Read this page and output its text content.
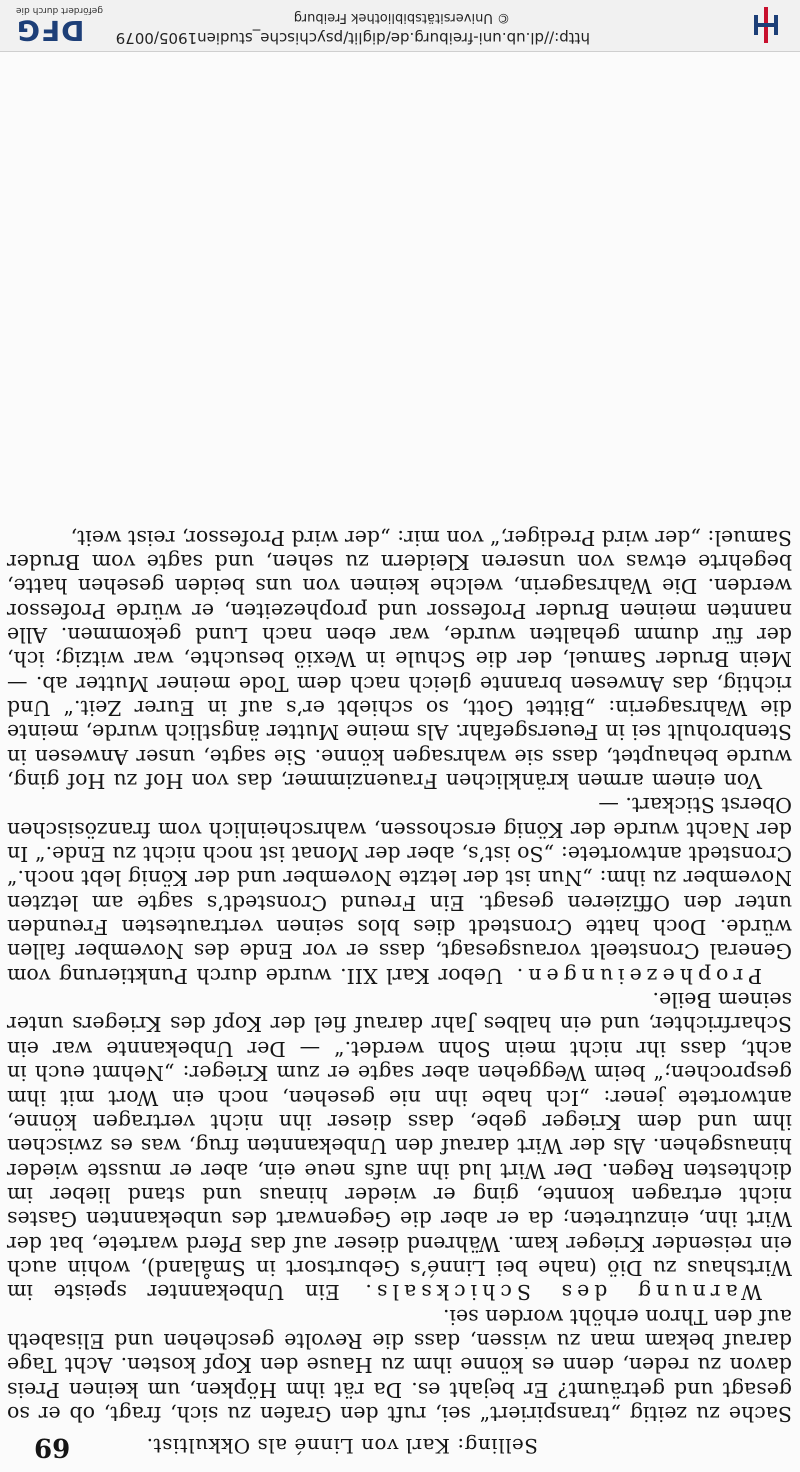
Selling: Karl von Linné als Okkultist.
69

Sache zu zeitig „transpiriert“ sei, ruft den Grafen zu sich, fragt, ob er so gesagt und geträumt? Er bejaht es. Da rät ihm Höpken, um keinen Preis davon zu reden, denn es könne ihm zu Hause den Kopf kosten. Acht Tage darauf bekam man zu wissen, dass die Revolte geschehen und Elisabeth auf den Thron erhöht worden sei.

Warnung des Schicksals. Ein Unbekannter speiste im Wirtshaus zu Diö (nahe bei Linné’s Geburtsort in Småland), wohin auch ein reisender Krieger kam. Während dieser auf das Pferd wartete, bat der Wirt ihn, einzutreten; da er aber die Gegenwart des unbekannten Gastes nicht ertragen konnte, ging er wieder hinaus und stand lieber im dichtesten Regen. Der Wirt lud ihn aufs neue ein, aber er musste wieder hinausgehen. Als der Wirt darauf den Unbekannten frug, was es zwischen ihm und dem Krieger gebe, dass dieser ihn nicht vertragen könne, antwortete jener: „Ich habe ihn nie gesehen, noch ein Wort mit ihm gesprochen;“ beim Weggehen aber sagte er zum Krieger: „Nehmt euch in acht, dass ihr nicht mein Sohn werdet.“ — Der Unbekannte war ein Scharfrichter, und ein halbes Jahr darauf fiel der Kopf des Kriegers unter seinem Beile.

Prophezeiungen. Uebor Karl XII. wurde durch Punktierung vom General Cronsteelt vorausgesagt, dass er vor Ende des November fallen würde. Doch hatte Cronstedt dies blos seinen vertrautesten Freunden unter den Offizieren gesagt. Ein Freund Cronstedt’s sagte am letzten November zu ihm: „Nun ist der letzte November und der König lebt noch.“ Cronstedt antwortete: „So ist’s, aber der Monat ist noch nicht zu Ende.“ In der Nacht wurde der König erschossen, wahrscheinlich vom französischen Oberst Stickart. —

Von einem armen kränklichen Frauenzimmer, das von Hof zu Hof ging, wurde behauptet, dass sie wahrsagen könne. Sie sagte, unser Anwesen in Stenbrohult sei in Feuersgefahr. Als meine Mutter ängstlich wurde, meinte die Wahrsagerin: „Bittet Gott, so schiebt er’s auf in Eurer Zeit.“ Und richtig, das Anwesen brannte gleich nach dem Tode meiner Mutter ab. — Mein Bruder Samuel, der die Schule in Wexiö besuchte, war witzig; ich, der für dumm gehalten wurde, war eben nach Lund gekommen. Alle nannten meinen Bruder Professor und prophezeiten, er würde Professor werden. Die Wahrsagerin, welche keinen von uns beiden gesehen hatte, begehrte etwas von unseren Kleidern zu sehen, und sagte vom Bruder Samuel: „der wird Prediger,“ von mir: „der wird Professor, reist weit,

http://dl.ub.uni-freiburg.de/diglit/psychische_studien1905/0079
© Universitätsbibliothek Freiburg
DFG
gefördert durch die
